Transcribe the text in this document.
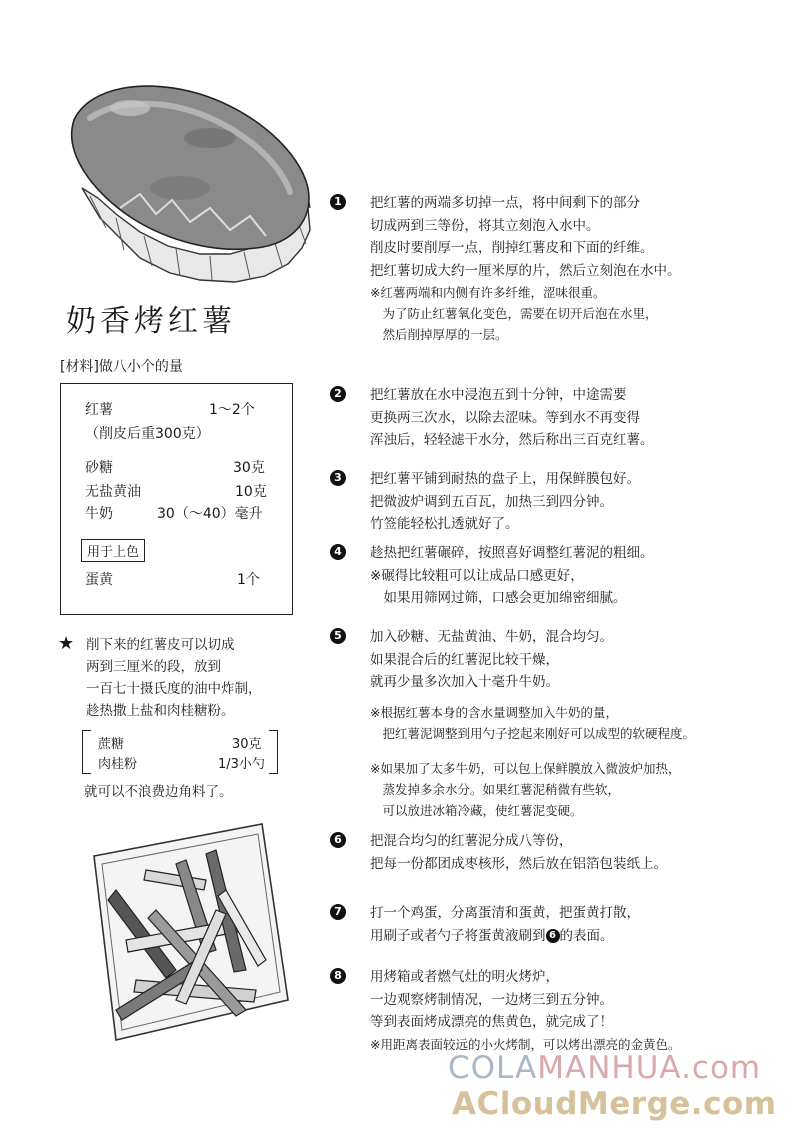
奶香烤红薯
[材料]做八小个的量
红薯	1～2个
（削皮后重300克）
砂糖	30克
无盐黄油	10克
牛奶	30（～40）毫升
用于上色
蛋黄	1个
★ 削下来的红薯皮可以切成
两到三厘米的段，放到
一百七十摄氏度的油中炸制，
趁热撒上盐和肉桂糖粉。
蔗糖	30克
肉桂粉	1/3小勺
就可以不浪费边角料了。
1	把红薯的两端多切掉一点，将中间剩下的部分
切成两到三等份，将其立刻泡入水中。
削皮时要削厚一点，削掉红薯皮和下面的纤维。
把红薯切成大约一厘米厚的片，然后立刻泡在水中。
※红薯两端和内侧有许多纤维，涩味很重。
　为了防止红薯氧化变色，需要在切开后泡在水里，
　然后削掉厚厚的一层。
2	把红薯放在水中浸泡五到十分钟，中途需要
更换两三次水，以除去涩味。等到水不再变得
浑浊后，轻轻滤干水分，然后称出三百克红薯。
3	把红薯平铺到耐热的盘子上，用保鲜膜包好。
把微波炉调到五百瓦，加热三到四分钟。
竹签能轻松扎透就好了。
4	趁热把红薯碾碎，按照喜好调整红薯泥的粗细。
※碾得比较粗可以让成品口感更好，
　如果用筛网过筛，口感会更加绵密细腻。
5	加入砂糖、无盐黄油、牛奶，混合均匀。
如果混合后的红薯泥比较干燥，
就再少量多次加入十毫升牛奶。
※根据红薯本身的含水量调整加入牛奶的量，
　把红薯泥调整到用勺子挖起来刚好可以成型的软硬程度。
※如果加了太多牛奶，可以包上保鲜膜放入微波炉加热，
　蒸发掉多余水分。如果红薯泥稍微有些软，
　可以放进冰箱冷藏，使红薯泥变硬。
6	把混合均匀的红薯泥分成八等份，
把每一份都团成枣核形，然后放在铝箔包装纸上。
7	打一个鸡蛋，分离蛋清和蛋黄，把蛋黄打散，
用刷子或者勺子将蛋黄液刷到 6 的表面。
8	用烤箱或者燃气灶的明火烤炉，
一边观察烤制情况，一边烤三到五分钟。
等到表面烤成漂亮的焦黄色，就完成了！
※用距离表面较远的小火烤制，可以烤出漂亮的金黄色。
COLAMANHUA.com
ACloudMerge.com
